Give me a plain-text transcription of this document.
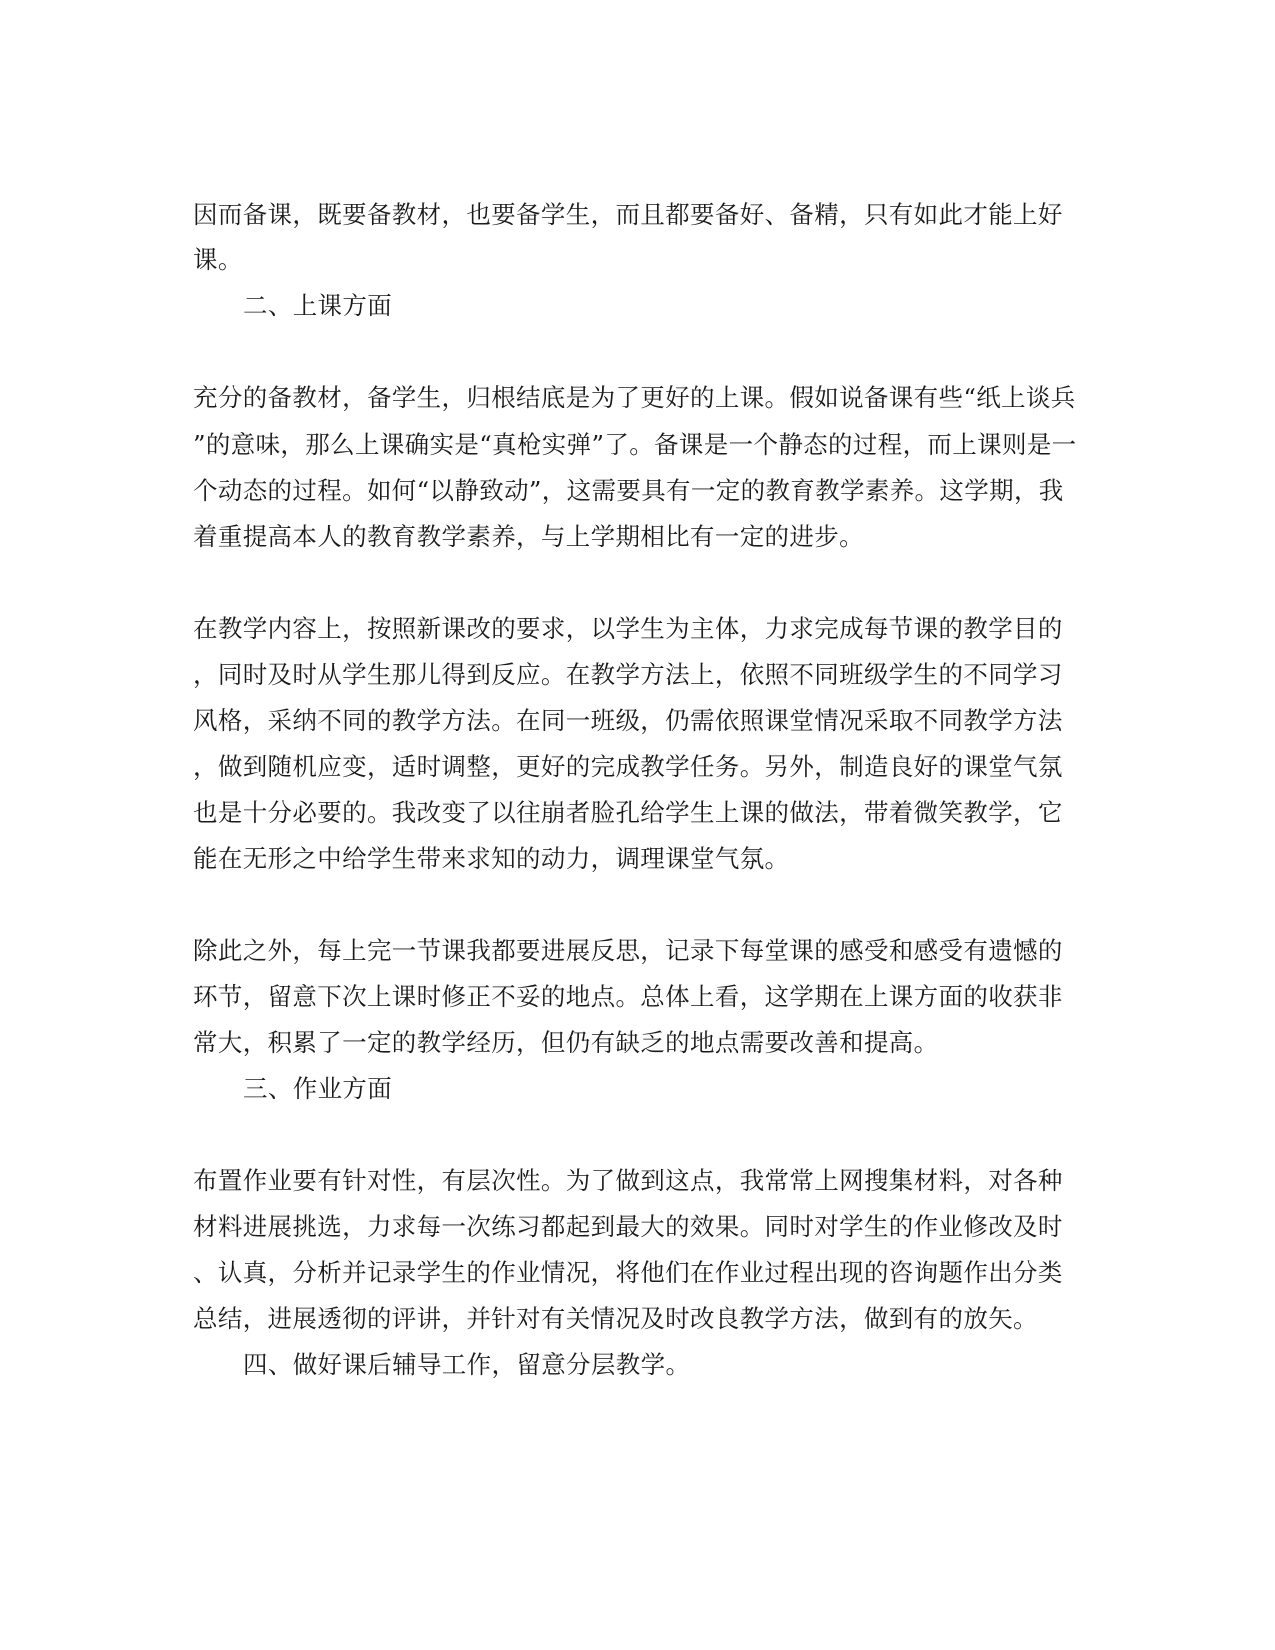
因而备课，既要备教材，也要备学生，而且都要备好、备精，只有如此才能上好
课。
二、上课方面
充分的备教材，备学生，归根结底是为了更好的上课。假如说备课有些“纸上谈兵
”的意味，那么上课确实是“真枪实弹”了。备课是一个静态的过程，而上课则是一
个动态的过程。如何“以静致动”，这需要具有一定的教育教学素养。这学期，我
着重提高本人的教育教学素养，与上学期相比有一定的进步。
在教学内容上，按照新课改的要求，以学生为主体，力求完成每节课的教学目的
，同时及时从学生那儿得到反应。在教学方法上，依照不同班级学生的不同学习
风格，采纳不同的教学方法。在同一班级，仍需依照课堂情况采取不同教学方法
，做到随机应变，适时调整，更好的完成教学任务。另外，制造良好的课堂气氛
也是十分必要的。我改变了以往崩者脸孔给学生上课的做法，带着微笑教学，它
能在无形之中给学生带来求知的动力，调理课堂气氛。
除此之外，每上完一节课我都要进展反思，记录下每堂课的感受和感受有遗憾的
环节，留意下次上课时修正不妥的地点。总体上看，这学期在上课方面的收获非
常大，积累了一定的教学经历，但仍有缺乏的地点需要改善和提高。
三、作业方面
布置作业要有针对性，有层次性。为了做到这点，我常常上网搜集材料，对各种
材料进展挑选，力求每一次练习都起到最大的效果。同时对学生的作业修改及时
、认真，分析并记录学生的作业情况，将他们在作业过程出现的咨询题作出分类
总结，进展透彻的评讲，并针对有关情况及时改良教学方法，做到有的放矢。
四、做好课后辅导工作，留意分层教学。
